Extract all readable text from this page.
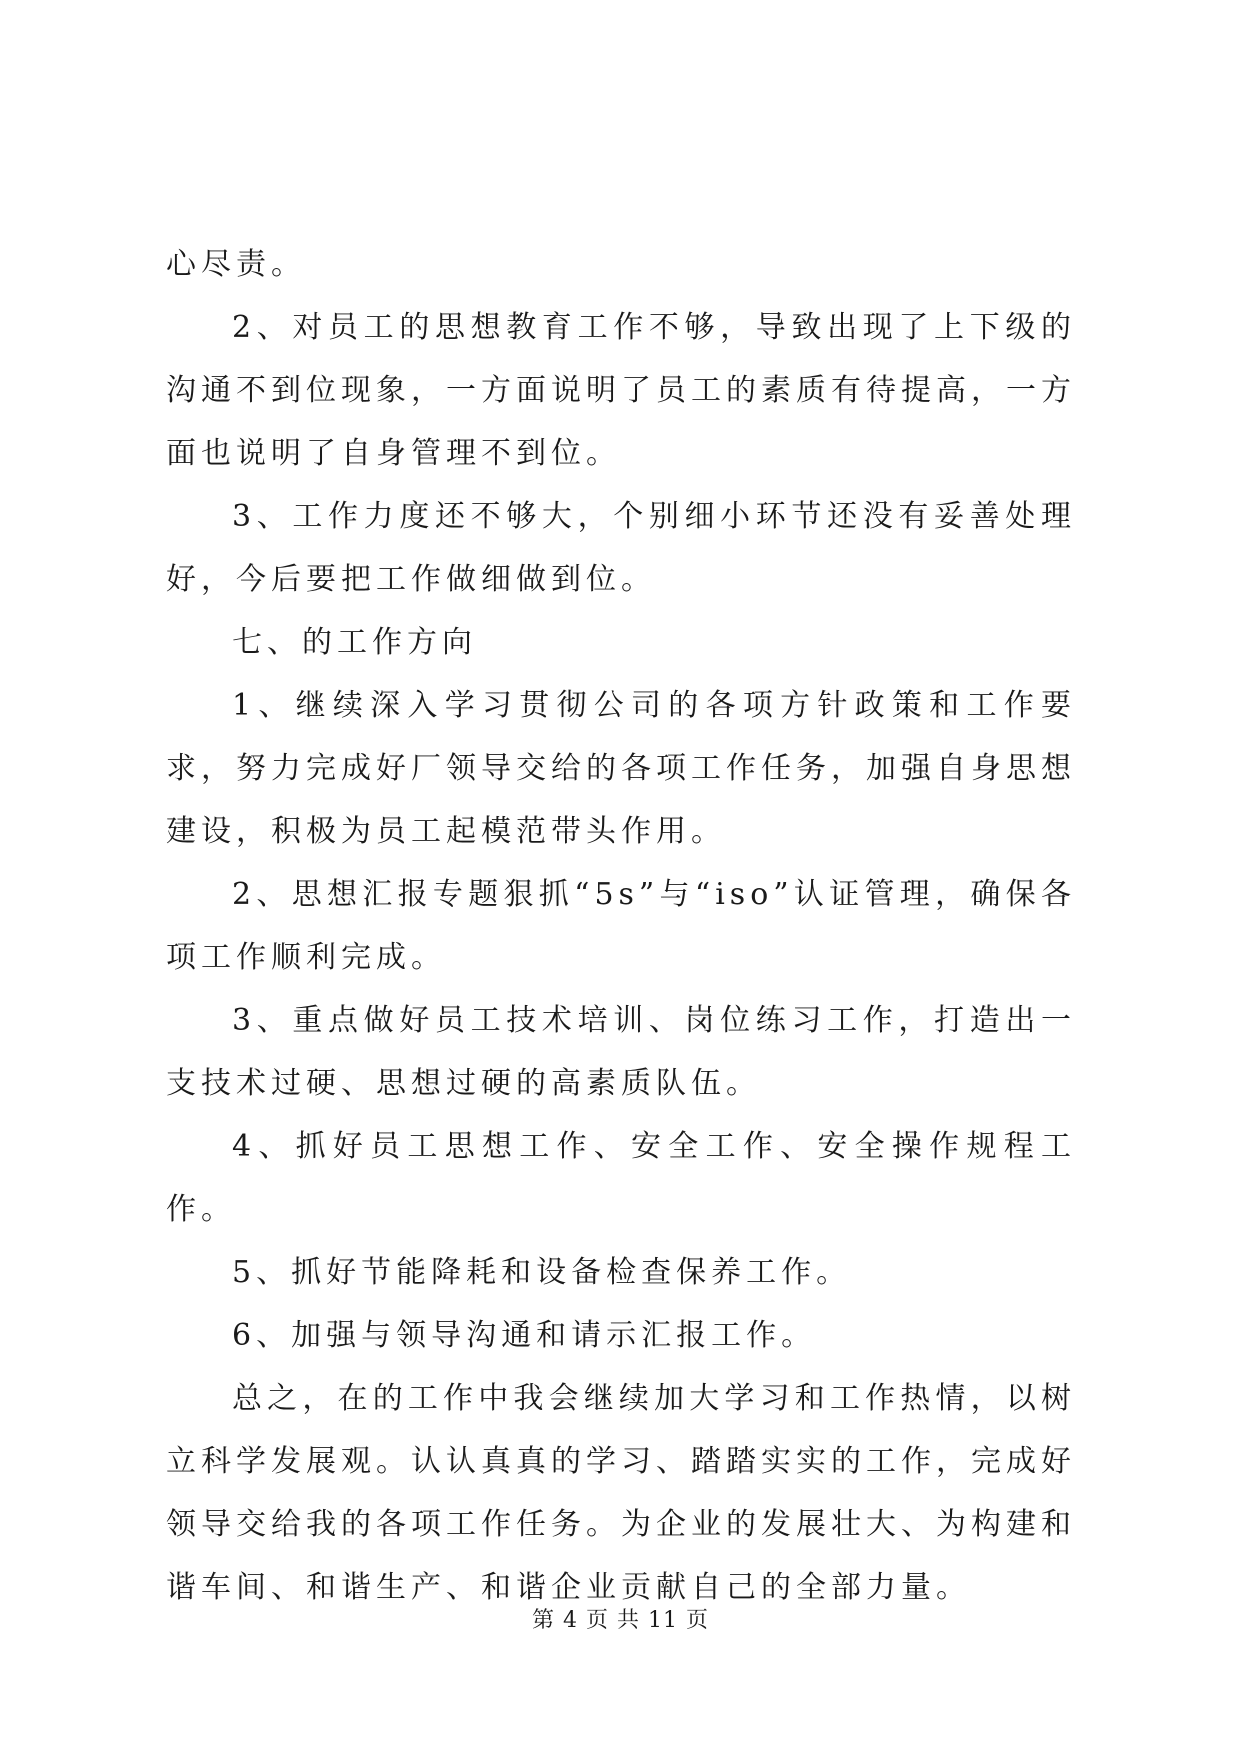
心尽责。

2、对员工的思想教育工作不够，导致出现了上下级的沟通不到位现象，一方面说明了员工的素质有待提高，一方面也说明了自身管理不到位。

3、工作力度还不够大，个别细小环节还没有妥善处理好，今后要把工作做细做到位。

七、的工作方向

1、继续深入学习贯彻公司的各项方针政策和工作要求，努力完成好厂领导交给的各项工作任务，加强自身思想建设，积极为员工起模范带头作用。

2、思想汇报专题狠抓“5s”与“iso”认证管理，确保各项工作顺利完成。

3、重点做好员工技术培训、岗位练习工作，打造出一支技术过硬、思想过硬的高素质队伍。

4、抓好员工思想工作、安全工作、安全操作规程工作。

5、抓好节能降耗和设备检查保养工作。

6、加强与领导沟通和请示汇报工作。

总之，在的工作中我会继续加大学习和工作热情，以树立科学发展观。认认真真的学习、踏踏实实的工作，完成好领导交给我的各项工作任务。为企业的发展壮大、为构建和谐车间、和谐生产、和谐企业贡献自己的全部力量。

第 4 页 共 11 页
